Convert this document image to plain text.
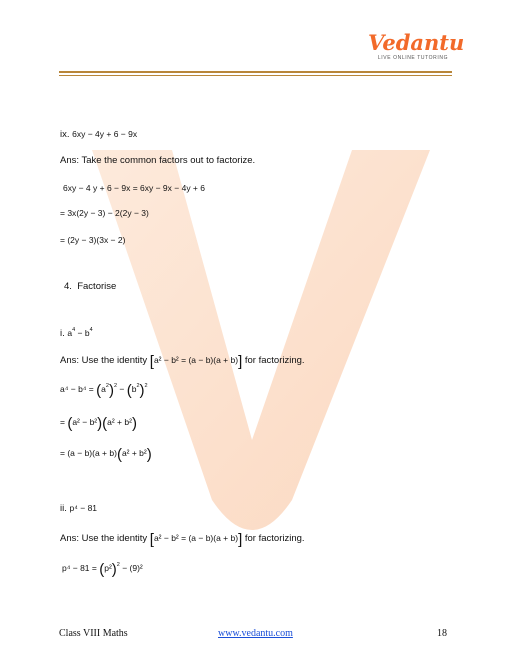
Vedantu
LIVE ONLINE TUTORING
ix. 6xy − 4y + 6 − 9x
Ans: Take the common factors out to factorize.
6xy − 4 y + 6 − 9x = 6xy − 9x − 4y + 6
= 3x(2y − 3) − 2(2y − 3)
= (2y − 3)(3x − 2)
4. Factorise
i. $a^4 - b^4$
Ans: Use the identity [a² − b² = (a − b)(a + b)] for factorizing.
$a^4 - b^4 = (a^2)^2 - (b^2)^2$
= (a² − b²)(a² + b²)
= (a − b)(a + b)(a² + b²)
ii. p⁴ − 81
Ans: Use the identity [a² − b² = (a − b)(a + b)] for factorizing.
$p^4 - 81 = (p^2)^2 - (9)^2$
Class VIII Maths	www.vedantu.com	18
